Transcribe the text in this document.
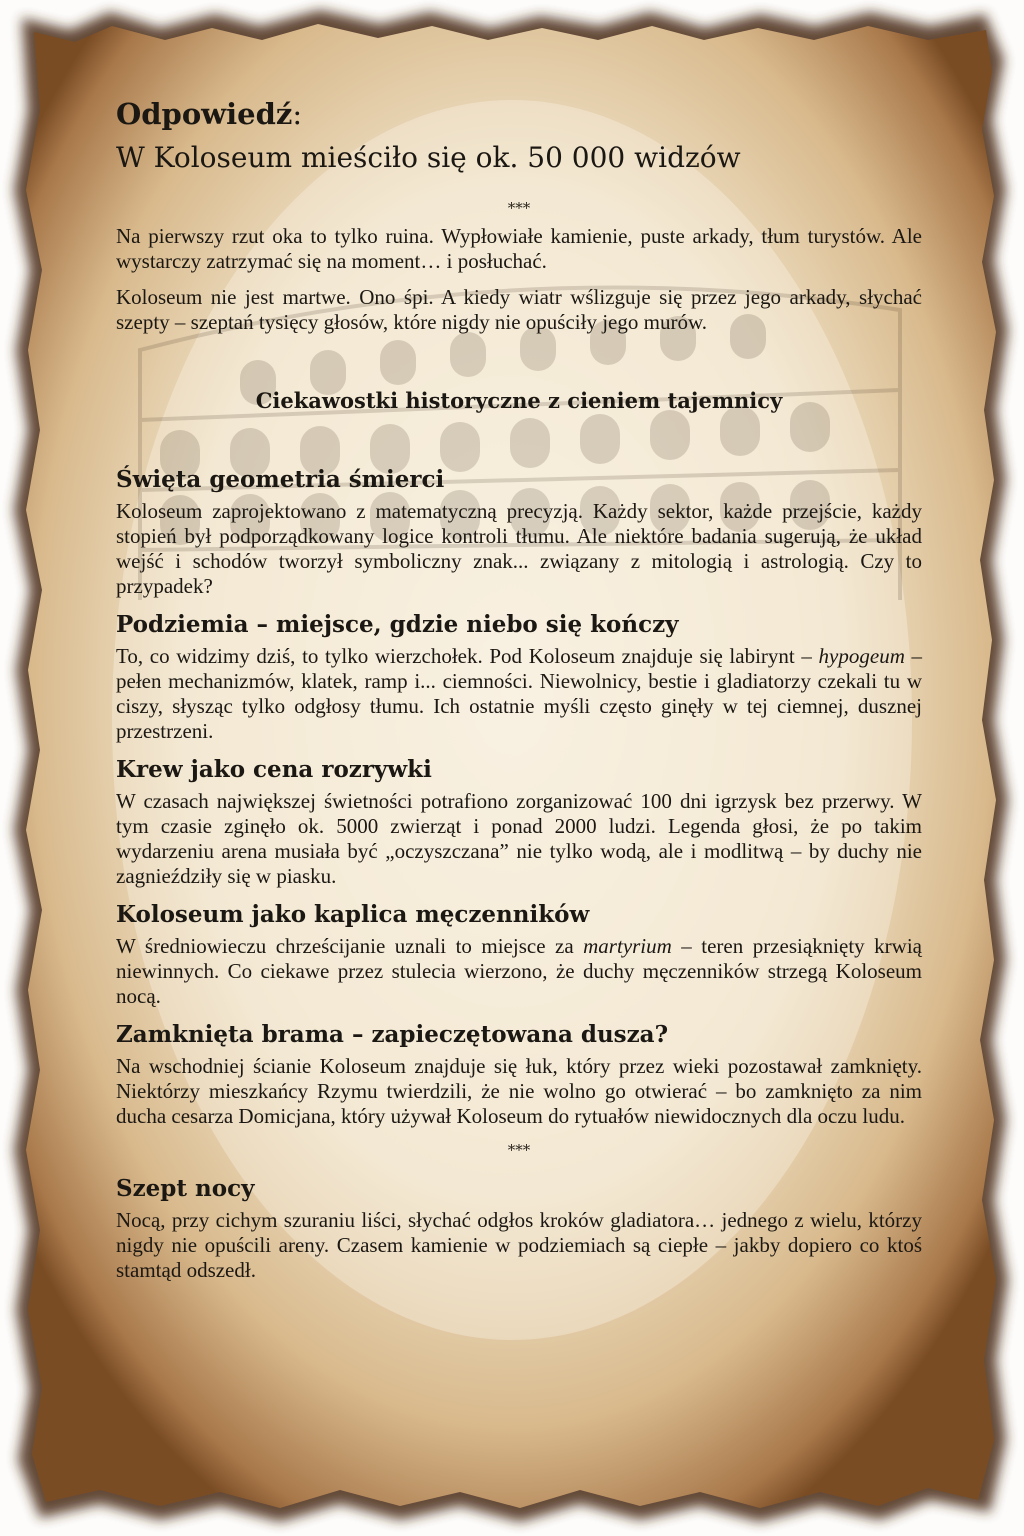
Odpowiedź:

W Koloseum mieściło się ok. 50 000 widzów

***

Na pierwszy rzut oka to tylko ruina. Wypłowiałe kamienie, puste arkady, tłum turystów. Ale wystarczy zatrzymać się na moment… i posłuchać.

Koloseum nie jest martwe. Ono śpi. A kiedy wiatr wślizguje się przez jego arkady, słychać szepty – szeptań tysięcy głosów, które nigdy nie opuściły jego murów.

Ciekawostki historyczne z cieniem tajemnicy
Święta geometria śmierci

Koloseum zaprojektowano z matematyczną precyzją. Każdy sektor, każde przejście, każdy stopień był podporządkowany logice kontroli tłumu. Ale niektóre badania sugerują, że układ wejść i schodów tworzył symboliczny znak... związany z mitologią i astrologią. Czy to przypadek?

Podziemia – miejsce, gdzie niebo się kończy

To, co widzimy dziś, to tylko wierzchołek. Pod Koloseum znajduje się labirynt – hypogeum – pełen mechanizmów, klatek, ramp i... ciemności. Niewolnicy, bestie i gladiatorzy czekali tu w ciszy, słysząc tylko odgłosy tłumu. Ich ostatnie myśli często ginęły w tej ciemnej, dusznej przestrzeni.

Krew jako cena rozrywki

W czasach największej świetności potrafiono zorganizować 100 dni igrzysk bez przerwy. W tym czasie zginęło ok. 5000 zwierząt i ponad 2000 ludzi. Legenda głosi, że po takim wydarzeniu arena musiała być „oczyszczana” nie tylko wodą, ale i modlitwą – by duchy nie zagnieździły się w piasku.

Koloseum jako kaplica męczenników

W średniowieczu chrześcijanie uznali to miejsce za martyrium – teren przesiąknięty krwią niewinnych. Co ciekawe przez stulecia wierzono, że duchy męczenników strzegą Koloseum nocą.

Zamknięta brama – zapieczętowana dusza?

Na wschodniej ścianie Koloseum znajduje się łuk, który przez wieki pozostawał zamknięty. Niektórzy mieszkańcy Rzymu twierdzili, że nie wolno go otwierać – bo zamknięto za nim ducha cesarza Domicjana, który używał Koloseum do rytuałów niewidocznych dla oczu ludu.

***
Szept nocy

Nocą, przy cichym szuraniu liści, słychać odgłos kroków gladiatora… jednego z wielu, którzy nigdy nie opuścili areny. Czasem kamienie w podziemiach są ciepłe – jakby dopiero co ktoś stamtąd odszedł.
